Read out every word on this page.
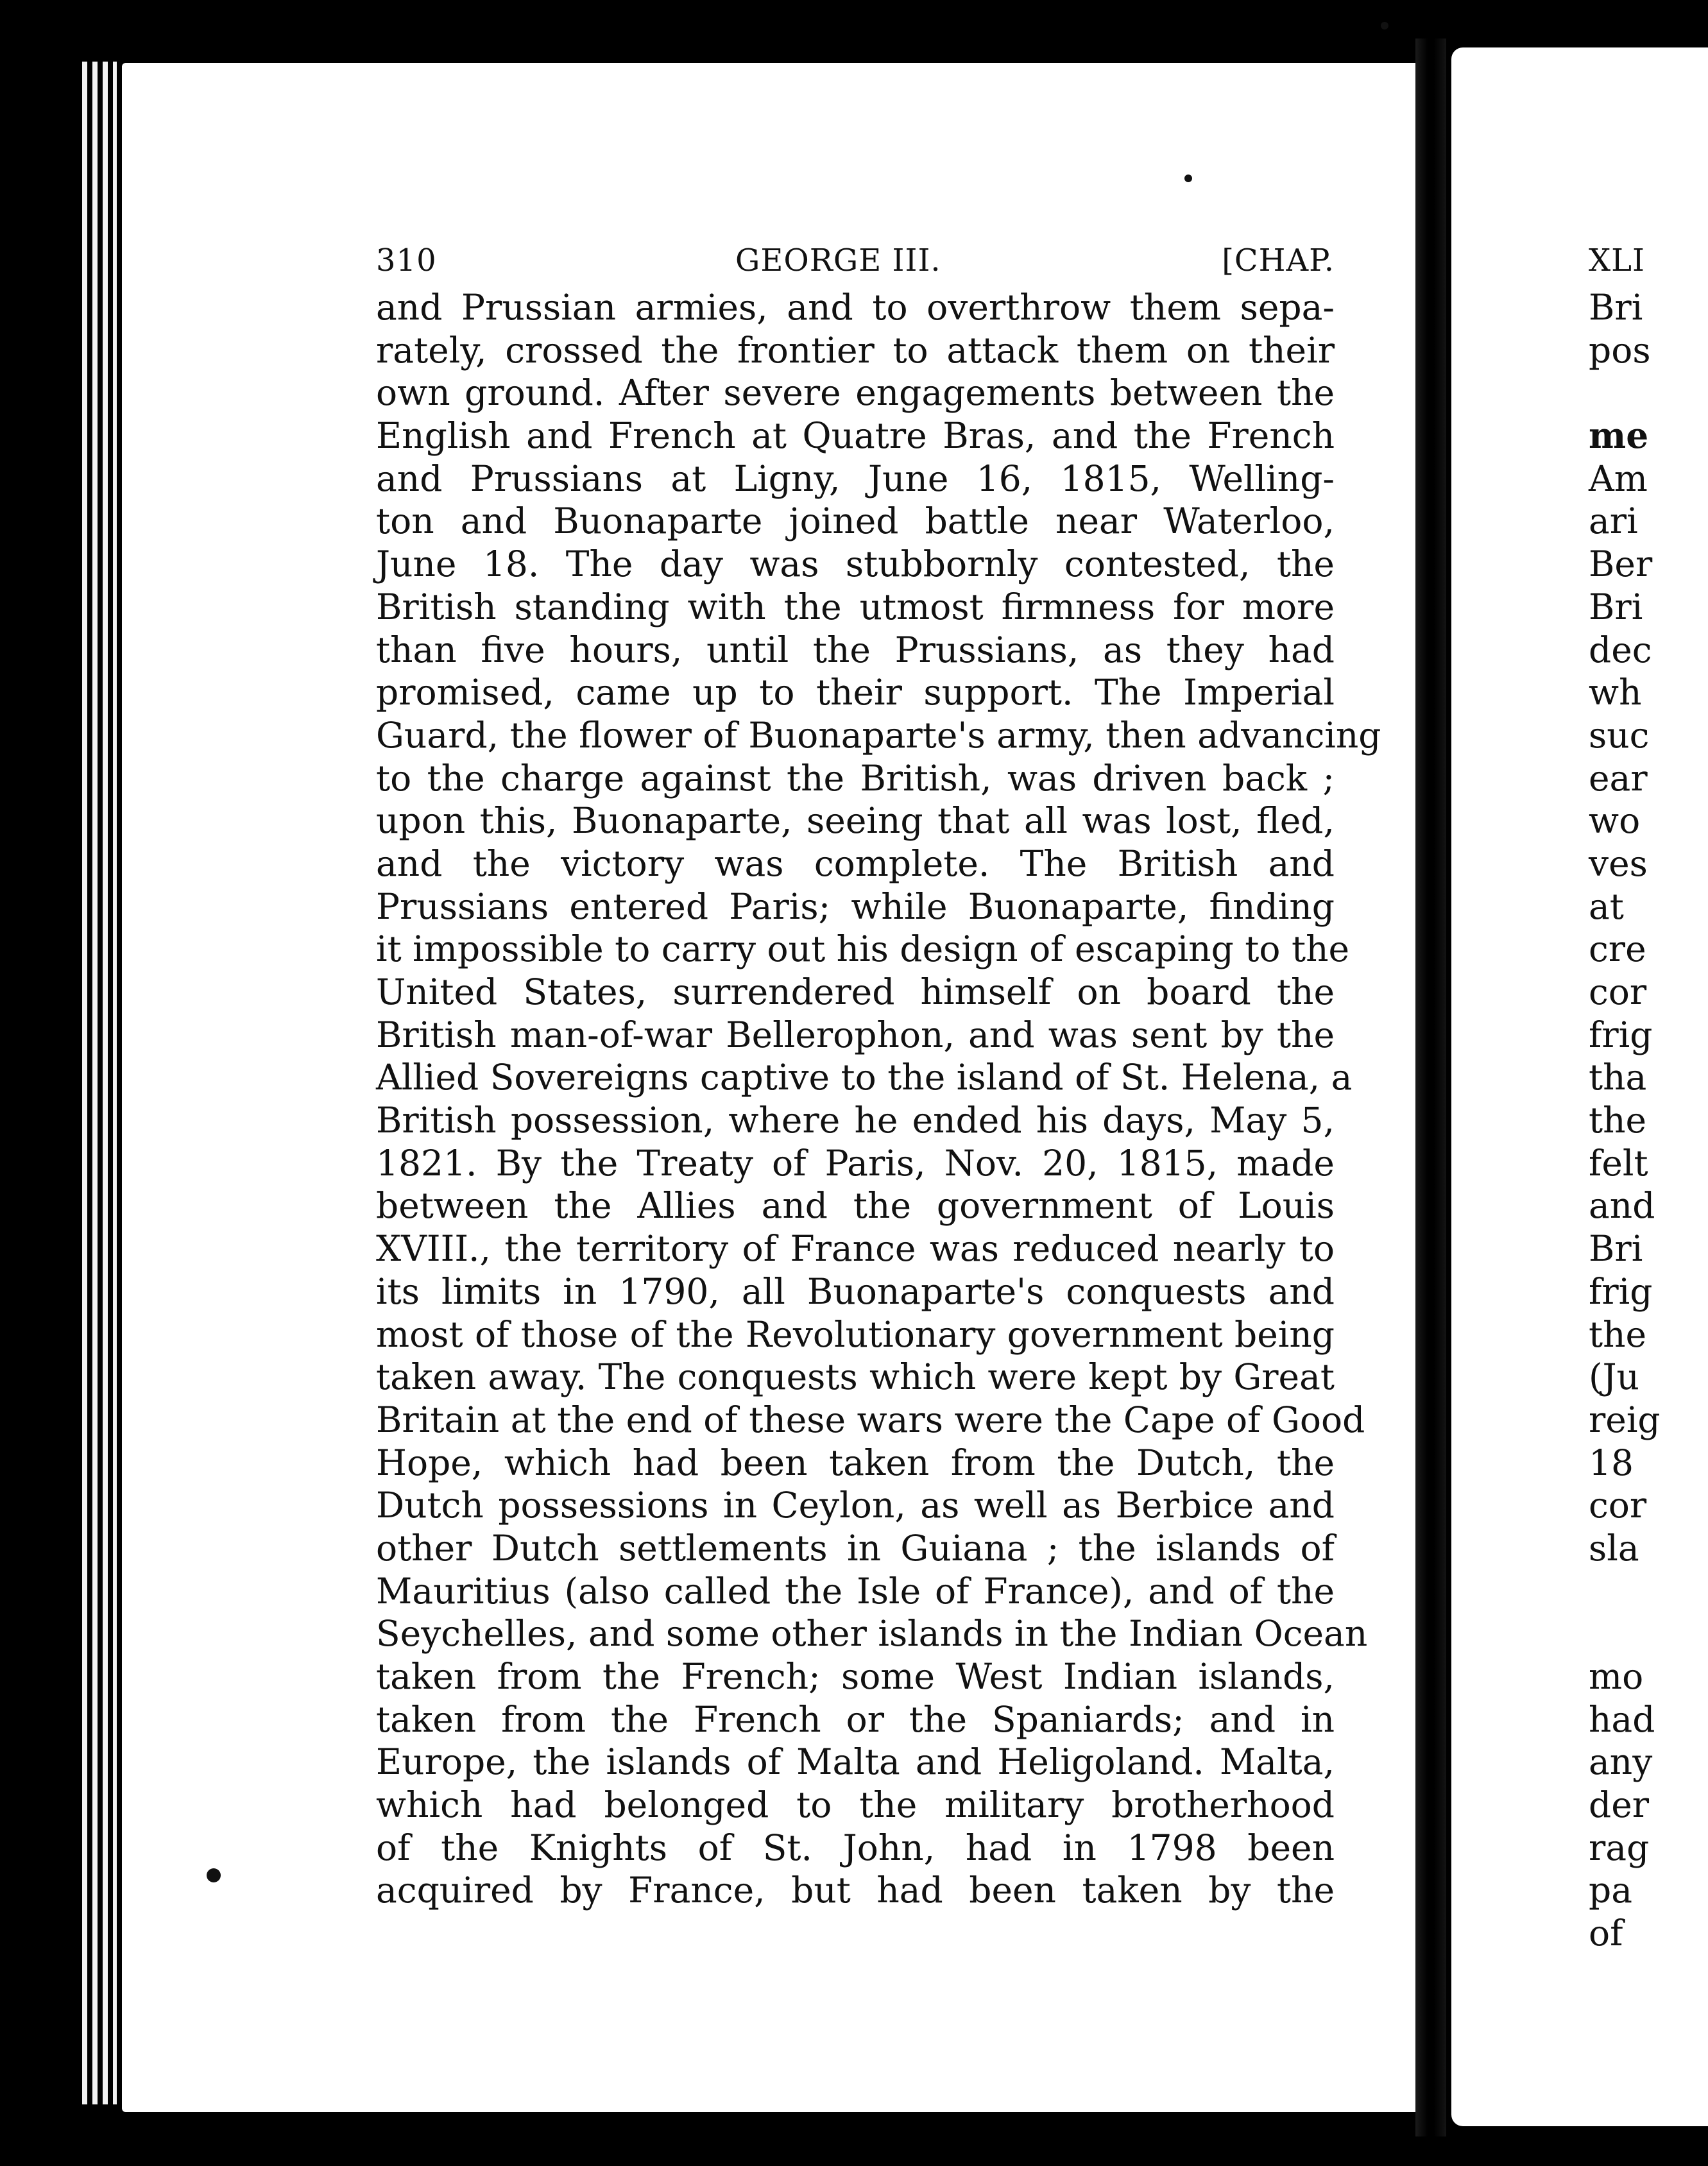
310	GEORGE III.	[CHAP.
and Prussian armies, and to overthrow them sepa-
rately, crossed the frontier to attack them on their
own ground. After severe engagements between the
English and French at Quatre Bras, and the French
and Prussians at Ligny, June 16, 1815, Welling-
ton and Buonaparte joined battle near Waterloo,
June 18. The day was stubbornly contested, the
British standing with the utmost firmness for more
than five hours, until the Prussians, as they had
promised, came up to their support. The Imperial
Guard, the flower of Buonaparte's army, then advancing
to the charge against the British, was driven back ;
upon this, Buonaparte, seeing that all was lost, fled,
and the victory was complete. The British and
Prussians entered Paris; while Buonaparte, finding
it impossible to carry out his design of escaping to the
United States, surrendered himself on board the
British man-of-war Bellerophon, and was sent by the
Allied Sovereigns captive to the island of St. Helena, a
British possession, where he ended his days, May 5,
1821. By the Treaty of Paris, Nov. 20, 1815, made
between the Allies and the government of Louis
XVIII., the territory of France was reduced nearly to
its limits in 1790, all Buonaparte's conquests and
most of those of the Revolutionary government being
taken away. The conquests which were kept by Great
Britain at the end of these wars were the Cape of Good
Hope, which had been taken from the Dutch, the
Dutch possessions in Ceylon, as well as Berbice and
other Dutch settlements in Guiana ; the islands of
Mauritius (also called the Isle of France), and of the
Seychelles, and some other islands in the Indian Ocean
taken from the French; some West Indian islands,
taken from the French or the Spaniards; and in
Europe, the islands of Malta and Heligoland. Malta,
which had belonged to the military brotherhood
of the Knights of St. John, had in 1798 been
acquired by France, but had been taken by the
XLI
Bri
pos

me
Am
ari
Ber
Bri
dec
wh
suc
ear
wo
ves
at
cre
cor
frig
tha
the
felt
and
Bri
frig
the
(Ju
reig
18
cor
sla

mo
had
any
der
rag
pa
of
